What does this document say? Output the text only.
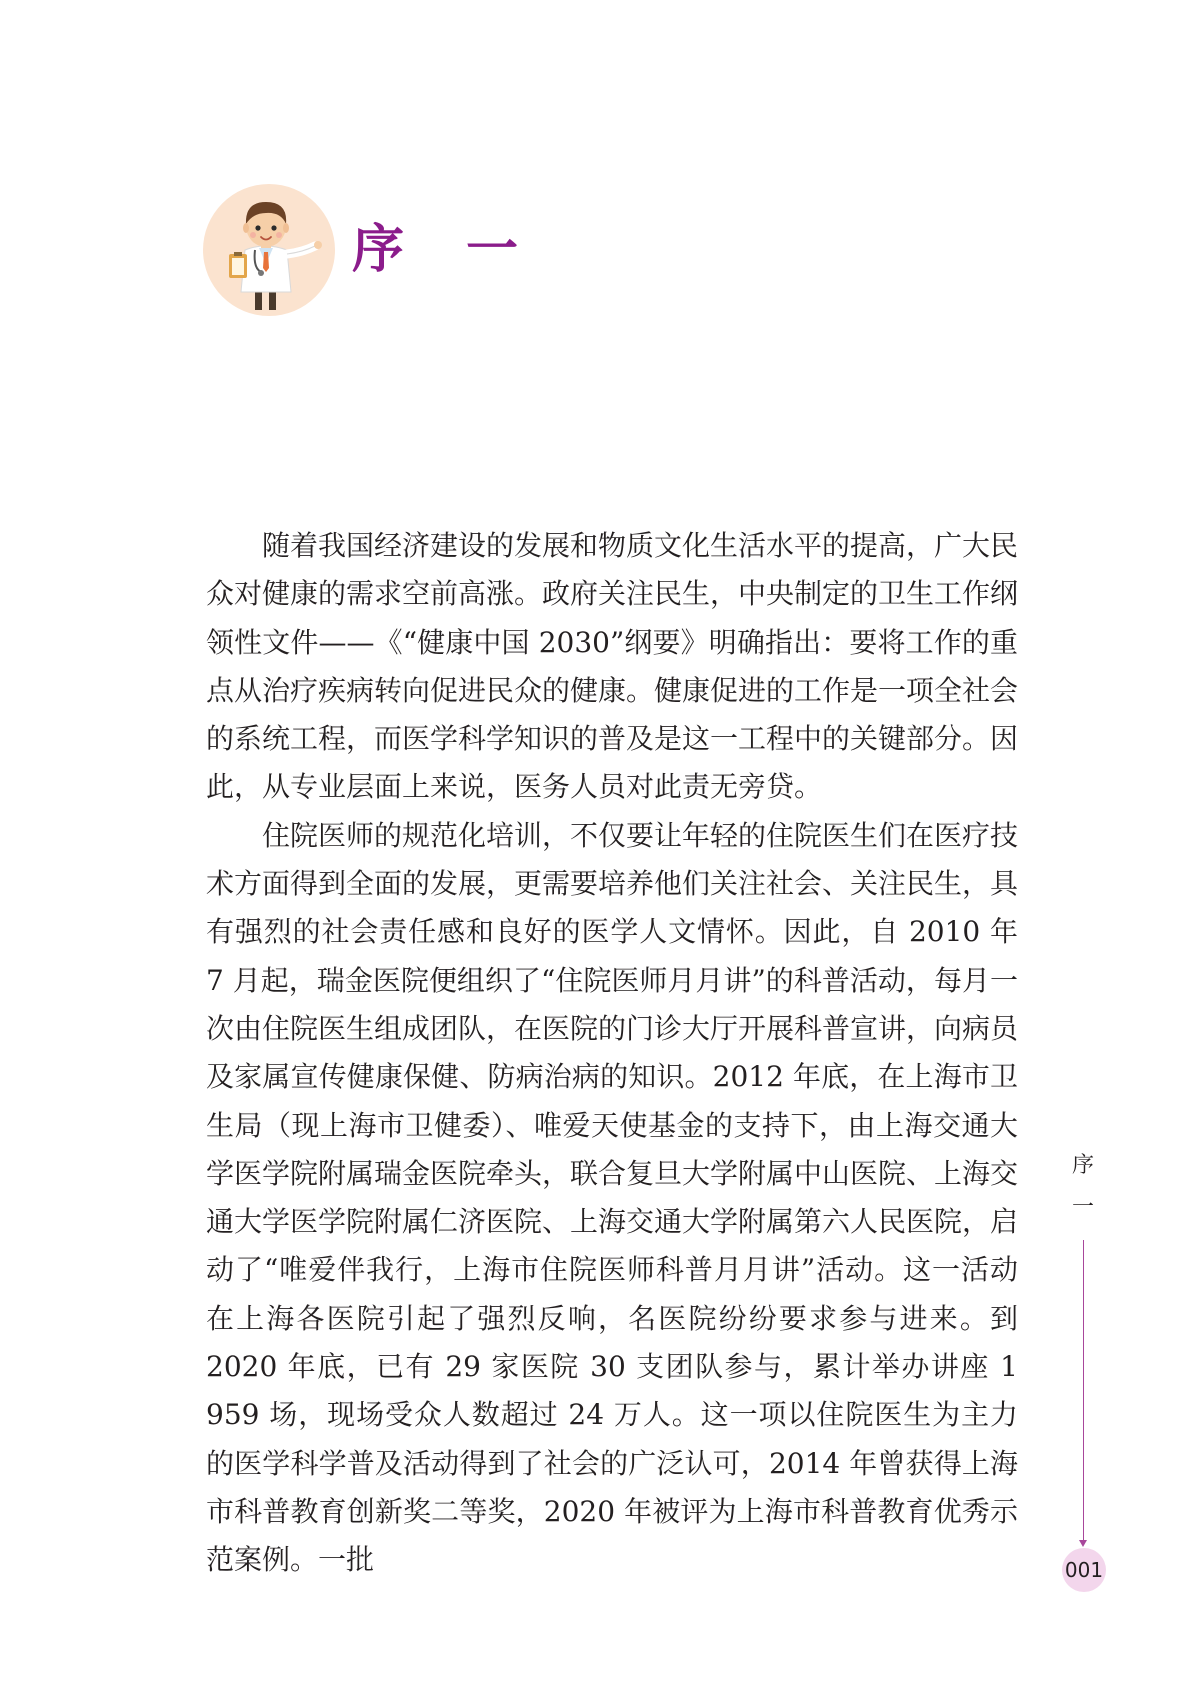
序 一

随着我国经济建设的发展和物质文化生活水平的提高，广大民众对健康的需求空前高涨。政府关注民生，中央制定的卫生工作纲领性文件——《“健康中国 2030”纲要》明确指出：要将工作的重点从治疗疾病转向促进民众的健康。健康促进的工作是一项全社会的系统工程，而医学科学知识的普及是这一工程中的关键部分。因此，从专业层面上来说，医务人员对此责无旁贷。

住院医师的规范化培训，不仅要让年轻的住院医生们在医疗技术方面得到全面的发展，更需要培养他们关注社会、关注民生，具有强烈的社会责任感和良好的医学人文情怀。因此，自 2010 年 7 月起，瑞金医院便组织了“住院医师月月讲”的科普活动，每月一次由住院医生组成团队，在医院的门诊大厅开展科普宣讲，向病员及家属宣传健康保健、防病治病的知识。2012 年底，在上海市卫生局（现上海市卫健委）、唯爱天使基金的支持下，由上海交通大学医学院附属瑞金医院牵头，联合复旦大学附属中山医院、上海交通大学医学院附属仁济医院、上海交通大学附属第六人民医院，启动了“唯爱伴我行，上海市住院医师科普月月讲”活动。这一活动在上海各医院引起了强烈反响，名医院纷纷要求参与进来。到 2020 年底，已有 29 家医院 30 支团队参与，累计举办讲座 1 959 场，现场受众人数超过 24 万人。这一项以住院医生为主力的医学科学普及活动得到了社会的广泛认可，2014 年曾获得上海市科普教育创新奖二等奖，2020 年被评为上海市科普教育优秀示范案例。一批

序
一
001
